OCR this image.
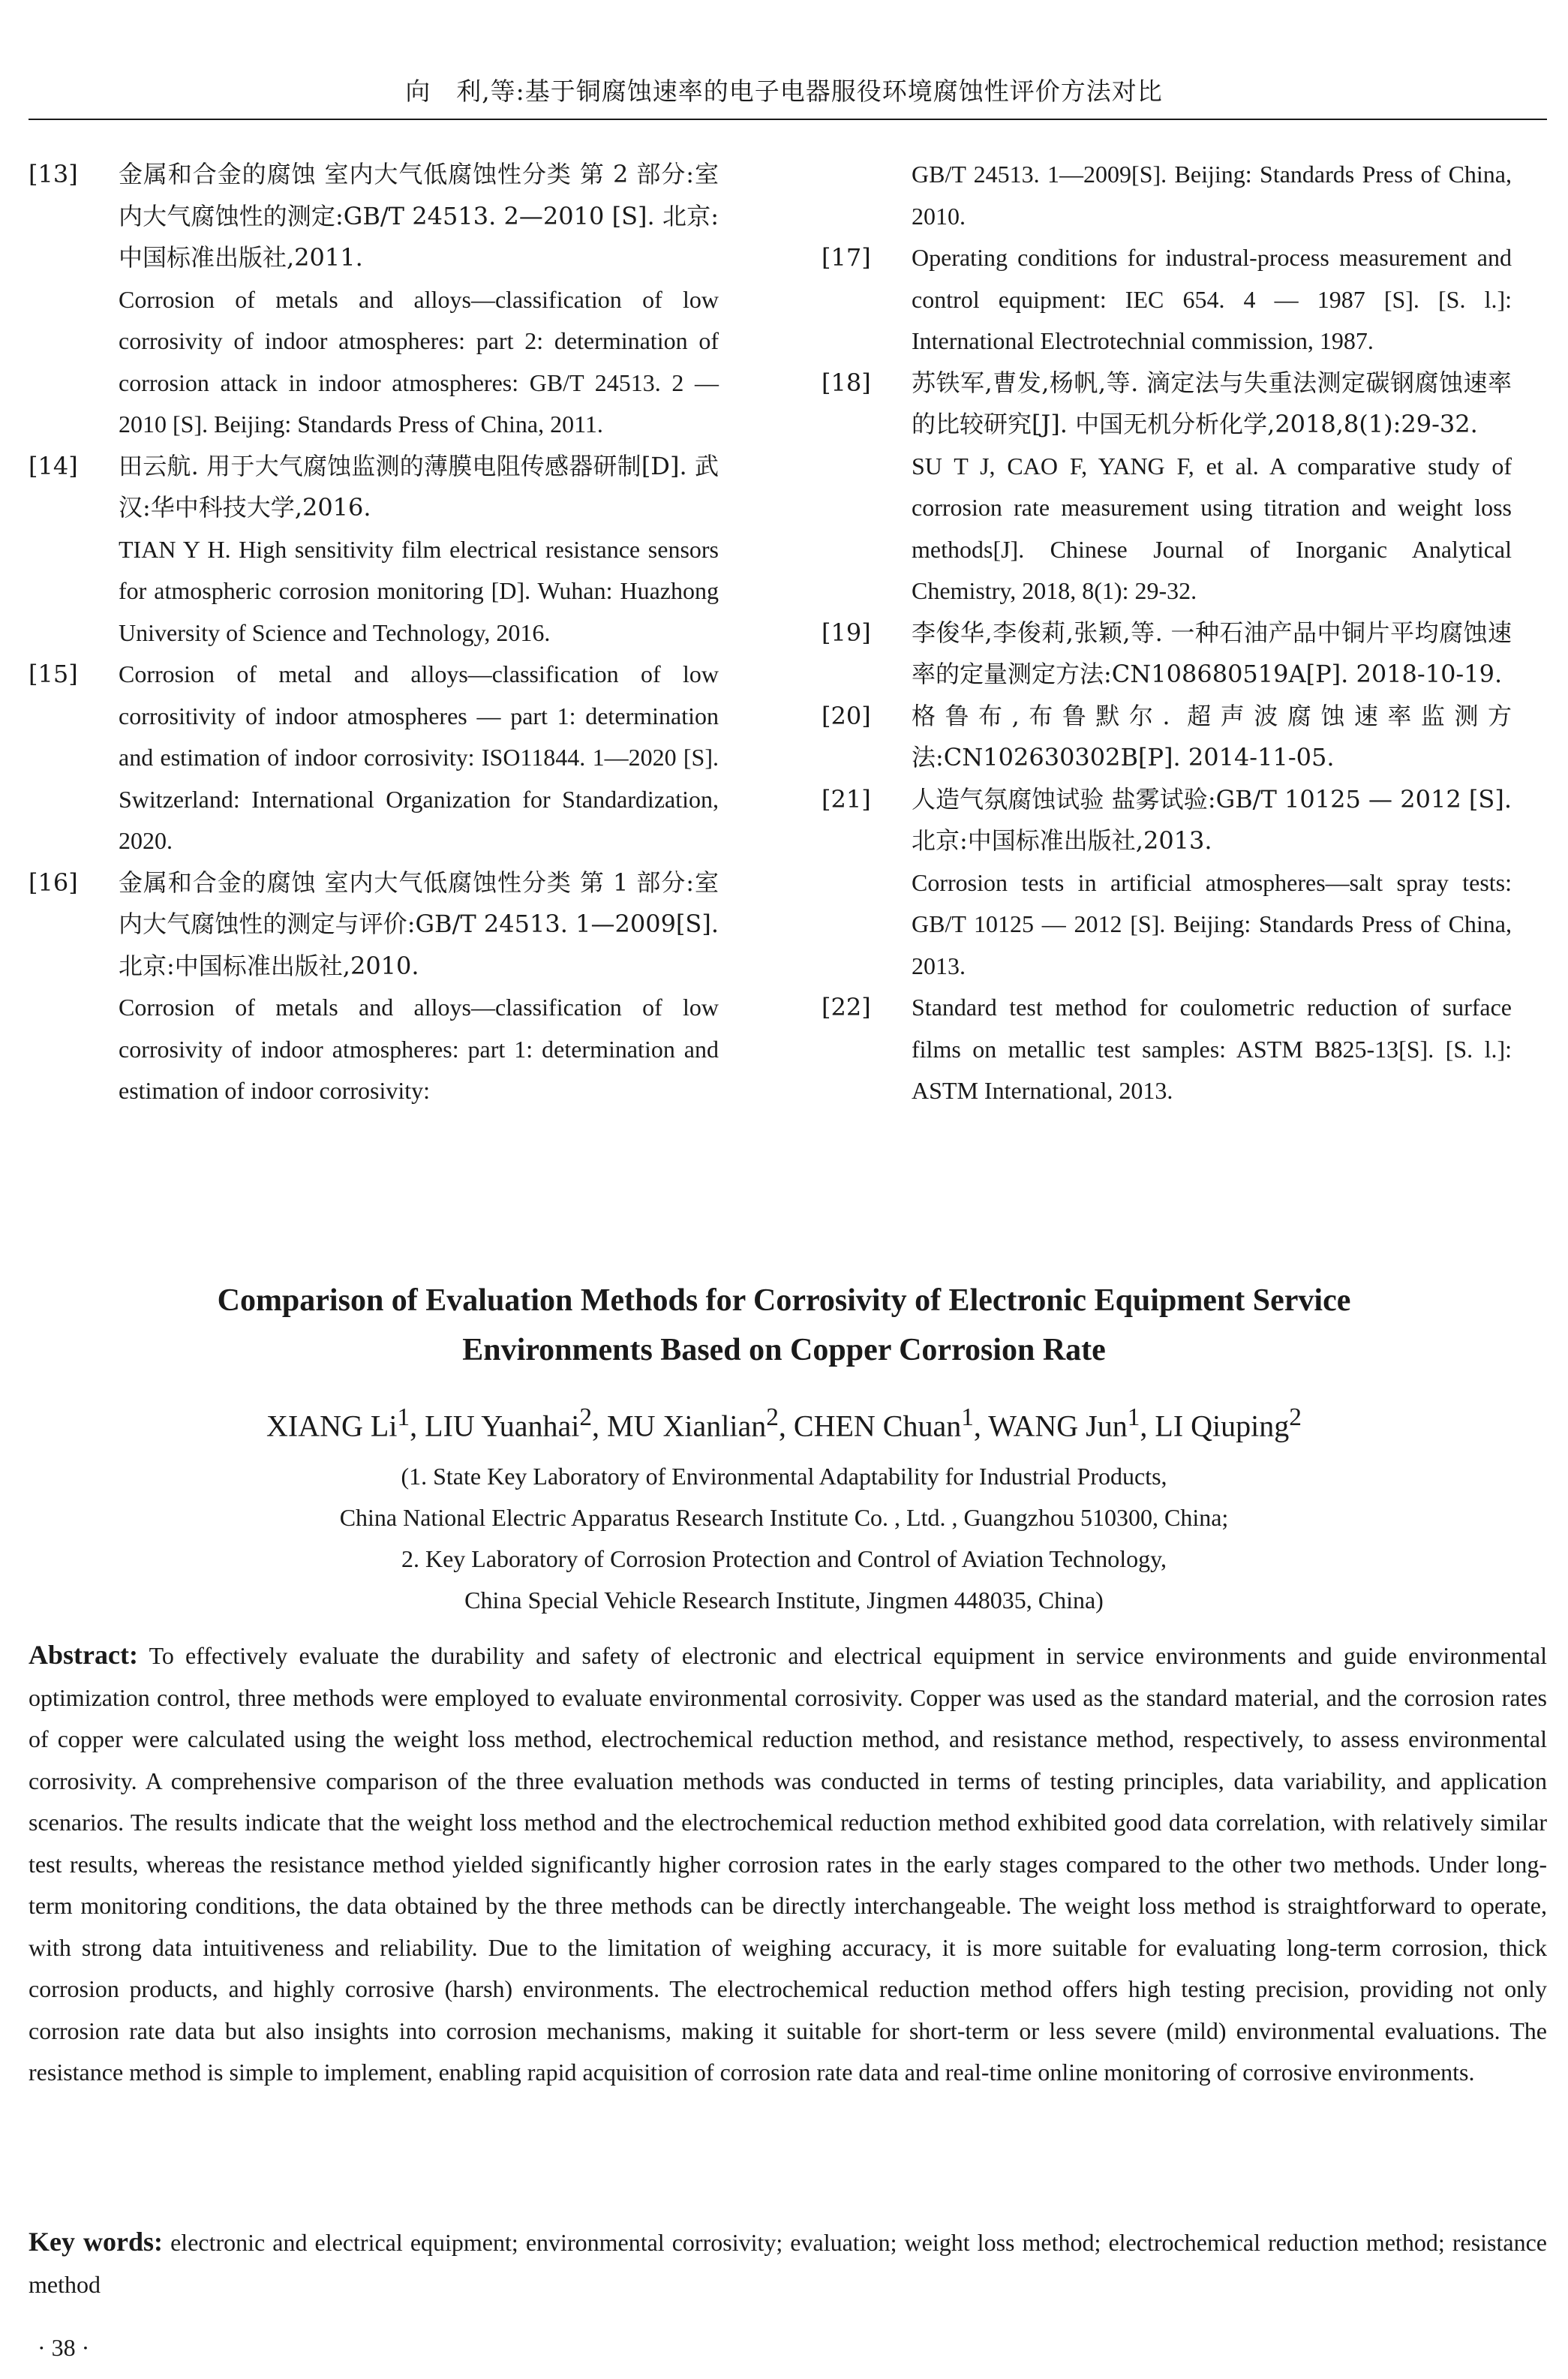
向　利,等:基于铜腐蚀速率的电子电器服役环境腐蚀性评价方法对比
[13]	金属和合金的腐蚀 室内大气低腐蚀性分类 第 2 部分:室内大气腐蚀性的测定:GB/T 24513. 2—2010 [S]. 北京:中国标准出版社,2011.

Corrosion of metals and alloys—classification of low corrosivity of indoor atmospheres: part 2: determination of corrosion attack in indoor atmospheres: GB/T 24513. 2 — 2010 [S]. Beijing: Standards Press of China, 2011.

[14]	田云航. 用于大气腐蚀监测的薄膜电阻传感器研制[D]. 武汉:华中科技大学,2016.

TIAN Y H. High sensitivity film electrical resistance sensors for atmospheric corrosion monitoring [D]. Wuhan: Huazhong University of Science and Technology, 2016.

[15]	Corrosion of metal and alloys—classification of low corrositivity of indoor atmospheres — part 1: determination and estimation of indoor corrosivity: ISO11844. 1—2020 [S]. Switzerland: International Organization for Standardization, 2020.

[16]	金属和合金的腐蚀 室内大气低腐蚀性分类 第 1 部分:室内大气腐蚀性的测定与评价:GB/T 24513. 1—2009[S]. 北京:中国标准出版社,2010.

Corrosion of metals and alloys—classification of low corrosivity of indoor atmospheres: part 1: determination and estimation of indoor corrosivity:

GB/T 24513. 1—2009[S]. Beijing: Standards Press of China, 2010.

[17]	Operating conditions for industral-process measurement and control equipment: IEC 654. 4 — 1987 [S]. [S. l.]: International Electrotechnial commission, 1987.

[18]	苏铁军,曹发,杨帆,等. 滴定法与失重法测定碳钢腐蚀速率的比较研究[J]. 中国无机分析化学,2018,8(1):29-32.

SU T J, CAO F, YANG F, et al. A comparative study of corrosion rate measurement using titration and weight loss methods[J]. Chinese Journal of Inorganic Analytical Chemistry, 2018, 8(1): 29-32.

[19]	李俊华,李俊莉,张颖,等. 一种石油产品中铜片平均腐蚀速率的定量测定方法:CN108680519A[P]. 2018-10-19.

[20]	格鲁布,布鲁默尔. 超声波腐蚀速率监测方法:CN102630302B[P]. 2014-11-05.

[21]	人造气氛腐蚀试验 盐雾试验:GB/T 10125 — 2012 [S]. 北京:中国标准出版社,2013.

Corrosion tests in artificial atmospheres—salt spray tests: GB/T 10125 — 2012 [S]. Beijing: Standards Press of China, 2013.

[22]	Standard test method for coulometric reduction of surface films on metallic test samples: ASTM B825-13[S]. [S. l.]: ASTM International, 2013.

Comparison of Evaluation Methods for Corrosivity of Electronic Equipment Service
Environments Based on Copper Corrosion Rate
XIANG Li$^1$, LIU Yuanhai$^2$, MU Xianlian$^2$, CHEN Chuan$^1$, WANG Jun$^1$, LI Qiuping$^2$

(1. State Key Laboratory of Environmental Adaptability for Industrial Products,

China National Electric Apparatus Research Institute Co. , Ltd. , Guangzhou 510300, China;

2. Key Laboratory of Corrosion Protection and Control of Aviation Technology,

China Special Vehicle Research Institute, Jingmen 448035, China)

Abstract: To effectively evaluate the durability and safety of electronic and electrical equipment in service environments and guide environmental optimization control, three methods were employed to evaluate environmental corrosivity. Copper was used as the standard material, and the corrosion rates of copper were calculated using the weight loss method, electrochemical reduction method, and resistance method, respectively, to assess environmental corrosivity. A comprehensive comparison of the three evaluation methods was conducted in terms of testing principles, data variability, and application scenarios. The results indicate that the weight loss method and the electrochemical reduction method exhibited good data correlation, with relatively similar test results, whereas the resistance method yielded significantly higher corrosion rates in the early stages compared to the other two methods. Under long-term monitoring conditions, the data obtained by the three methods can be directly interchangeable. The weight loss method is straightforward to operate, with strong data intuitiveness and reliability. Due to the limitation of weighing accuracy, it is more suitable for evaluating long-term corrosion, thick corrosion products, and highly corrosive (harsh) environments. The electrochemical reduction method offers high testing precision, providing not only corrosion rate data but also insights into corrosion mechanisms, making it suitable for short-term or less severe (mild) environmental evaluations. The resistance method is simple to implement, enabling rapid acquisition of corrosion rate data and real-time online monitoring of corrosive environments.
Key words: electronic and electrical equipment; environmental corrosivity; evaluation; weight loss method; electrochemical reduction method; resistance method
· 38 ·
